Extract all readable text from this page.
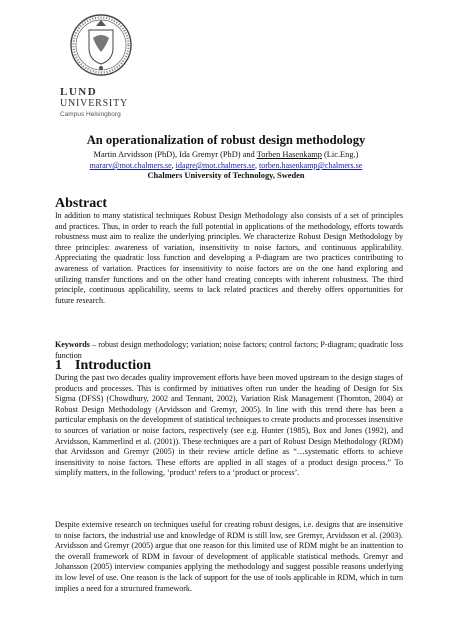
LUND
UNIVERSITY
Campus Helsingborg
An operationalization of robust design methodology
Martin Arvidsson (PhD), Ida Gremyr (PhD) and Torben Hasenkamp (Lic.Eng.)
mararv@mot.chalmers.se, idagre@mot.chalmers.se, torben.hasenkamp@chalmers.se
Chalmers University of Technology, Sweden
Abstract

In addition to many statistical techniques Robust Design Methodology also consists of a set of principles and practices. Thus, in order to reach the full potential in applications of the methodology, efforts towards robustness must aim to realize the underlying principles. We characterize Robust Design Methodology by three principles: awareness of variation, insensitivity to noise factors, and continuous applicability. Appreciating the quadratic loss function and developing a P-diagram are two practices contributing to awareness of variation. Practices for insensitivity to noise factors are on the one hand exploring and utilizing transfer functions and on the other hand creating concepts with inherent robustness. The third principle, continuous applicability, seems to lack related practices and thereby offers opportunities for future research.

Keywords – robust design methodology; variation; noise factors; control factors; P-diagram; quadratic loss function

1 Introduction

During the past two decades quality improvement efforts have been moved upstream to the design stages of products and processes. This is confirmed by initiatives often run under the heading of Design for Six Sigma (DFSS) (Chowdhury, 2002 and Tennant, 2002), Variation Risk Management (Thornton, 2004) or Robust Design Methodology (Arvidsson and Gremyr, 2005). In line with this trend there has been a particular emphasis on the development of statistical techniques to create products and processes insensitive to sources of variation or noise factors, respectively (see e.g. Hunter (1985), Box and Jones (1992), and Arvidsson, Kammerlind et al. (2001)). These techniques are a part of Robust Design Methodology (RDM) that Arvidsson and Gremyr (2005) in their review article define as “…systematic efforts to achieve insensitivity to noise factors. These efforts are applied in all stages of a product design process.” To simplify matters, in the following, ‘product’ refers to a ‘product or process’.

Despite extensive research on techniques useful for creating robust designs, i.e. designs that are insensitive to noise factors, the industrial use and knowledge of RDM is still low, see Gremyr, Arvidsson et al. (2003). Arvidsson and Gremyr (2005) argue that one reason for this limited use of RDM might be an inattention to the overall framework of RDM in favour of development of applicable statistical methods. Gremyr and Johansson (2005) interview companies applying the methodology and suggest possible reasons underlying its low level of use. One reason is the lack of support for the use of tools applicable in RDM, which in turn implies a need for a structured framework.
